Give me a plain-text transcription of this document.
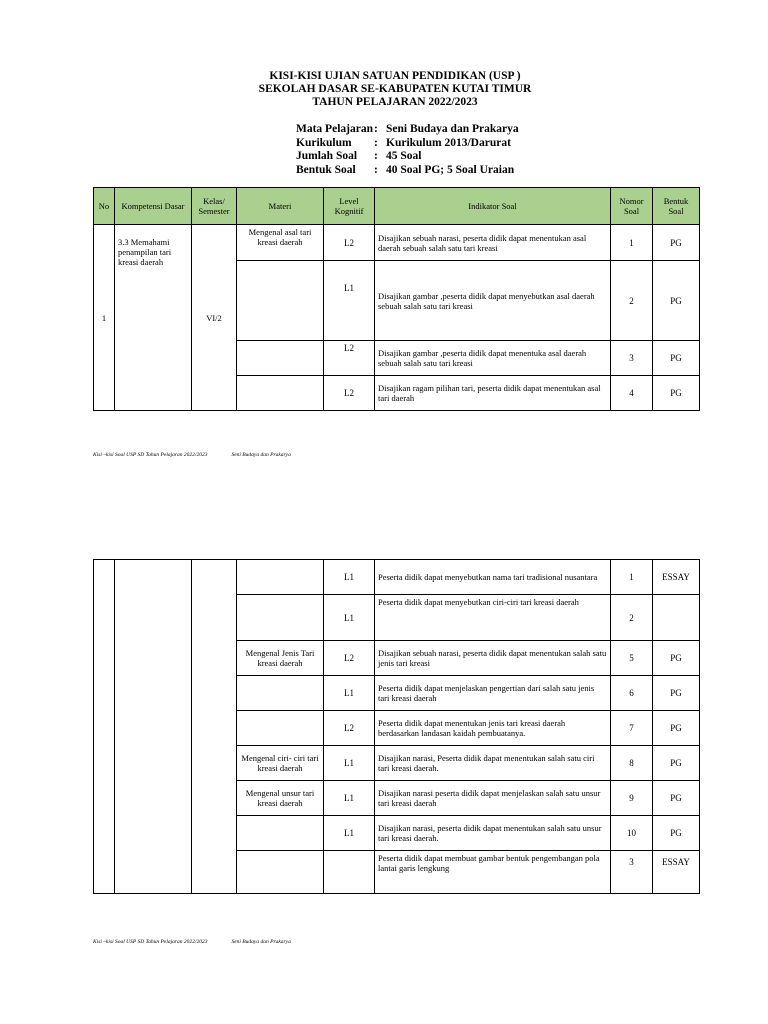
KISI-KISI UJIAN SATUAN PENDIDIKAN (USP )
SEKOLAH DASAR SE-KABUPATEN KUTAI TIMUR
TAHUN PELAJARAN 2022/2023
Mata Pelajaran : Seni Budaya dan Prakarya
Kurikulum	: Kurikulum 2013/Darurat
Jumlah Soal	: 45 Soal
Bentuk Soal	: 40 Soal PG; 5 Soal Uraian
No	Kompetensi Dasar	Kelas/ Semester	Materi	Level Kognitif	Indikator Soal	Nomor Soal	Bentuk Soal
1	3.3 Memahami penampilan tari kreasi daerah	VI/2	Mengenal asal tari kreasi daerah	L2	Disajikan sebuah narasi, peserta didik dapat menentukan asal daerah sebuah salah satu tari kreasi	1	PG
				L1	Disajikan gambar ,peserta didik dapat menyebutkan asal daerah sebuah salah satu tari kreasi	2	PG
				L2	Disajikan gambar ,peserta didik dapat menentuka asal daerah sebuah salah satu tari kreasi	3	PG
				L2	Disajikan ragam pilihan tari, peserta didik dapat menentukan asal tari daerah	4	PG
Kisi –kisi Soal USP SD Tahun Pelajaran 2022/2023	Seni Budaya dan Prakarya
				L1	Peserta didik dapat menyebutkan nama tari tradisional nusantara	1	ESSAY
				L1	Peserta didik dapat menyebutkan ciri-ciri tari kreasi daerah	2	
			Mengenal Jenis Tari kreasi daerah	L2	Disajikan sebuah narasi, peserta didik dapat menentukan salah satu jenis tari kreasi	5	PG
				L1	Peserta didik dapat menjelaskan pengertian dari salah satu jenis tari kreasi daerah	6	PG
				L2	Peserta didik dapat menentukan jenis tari kreasi daerah berdasarkan landasan kaidah pembuatanya.	7	PG
			Mengenal ciri- ciri tari kreasi daerah	L1	Disajikan narasi, Peserta didik dapat menentukan salah satu ciri tari kreasi daerah.	8	PG
			Mengenal unsur tari kreasi daerah	L1	Disajikan narasi peserta didik dapat menjelaskan salah satu unsur tari kreasi daerah	9	PG
				L1	Disajikan narasi, peserta didik dapat menentukan salah satu unsur tari kreasi daerah.	10	PG
					Peserta didik dapat membuat gambar bentuk pengembangan pola lantai garis lengkung	3	ESSAY
Kisi –kisi Soal USP SD Tahun Pelajaran 2022/2023	Seni Budaya dan Prakarya
